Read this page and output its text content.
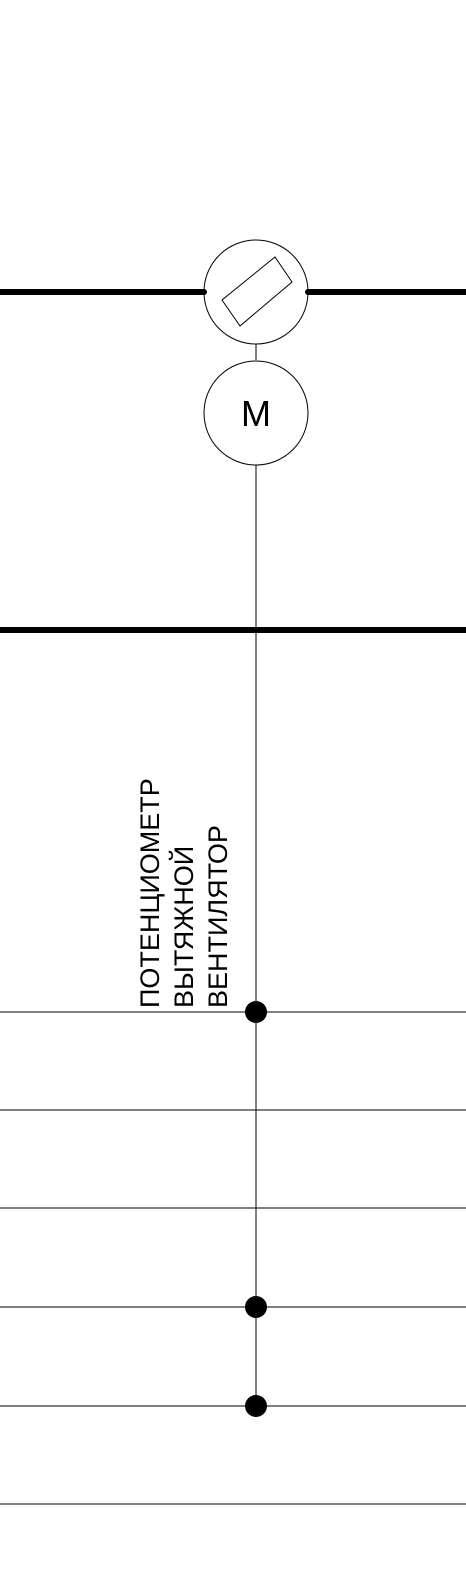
M
ПОТЕНЦИОМЕТР ВЫТЯЖНОЙ ВЕНТИЛЯТОР
